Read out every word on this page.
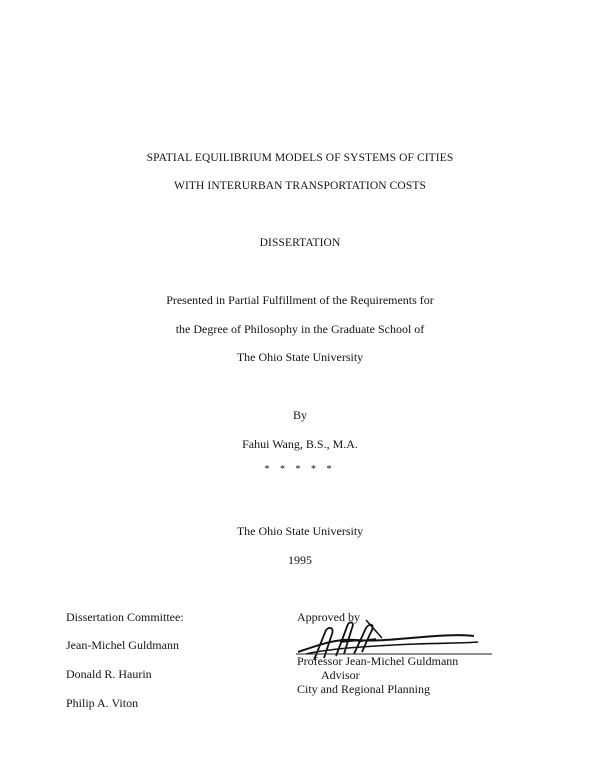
SPATIAL EQUILIBRIUM MODELS OF SYSTEMS OF CITIES
WITH INTERURBAN TRANSPORTATION COSTS
DISSERTATION
Presented in Partial Fulfillment of the Requirements for
the Degree of Philosophy in the Graduate School of
The Ohio State University
By
Fahui Wang, B.S., M.A.
* * * * *
The Ohio State University
1995
Dissertation Committee:
Jean-Michel Guldmann
Donald R. Haurin
Philip A. Viton
Approved by
Professor Jean-Michel Guldmann
Advisor
City and Regional Planning
